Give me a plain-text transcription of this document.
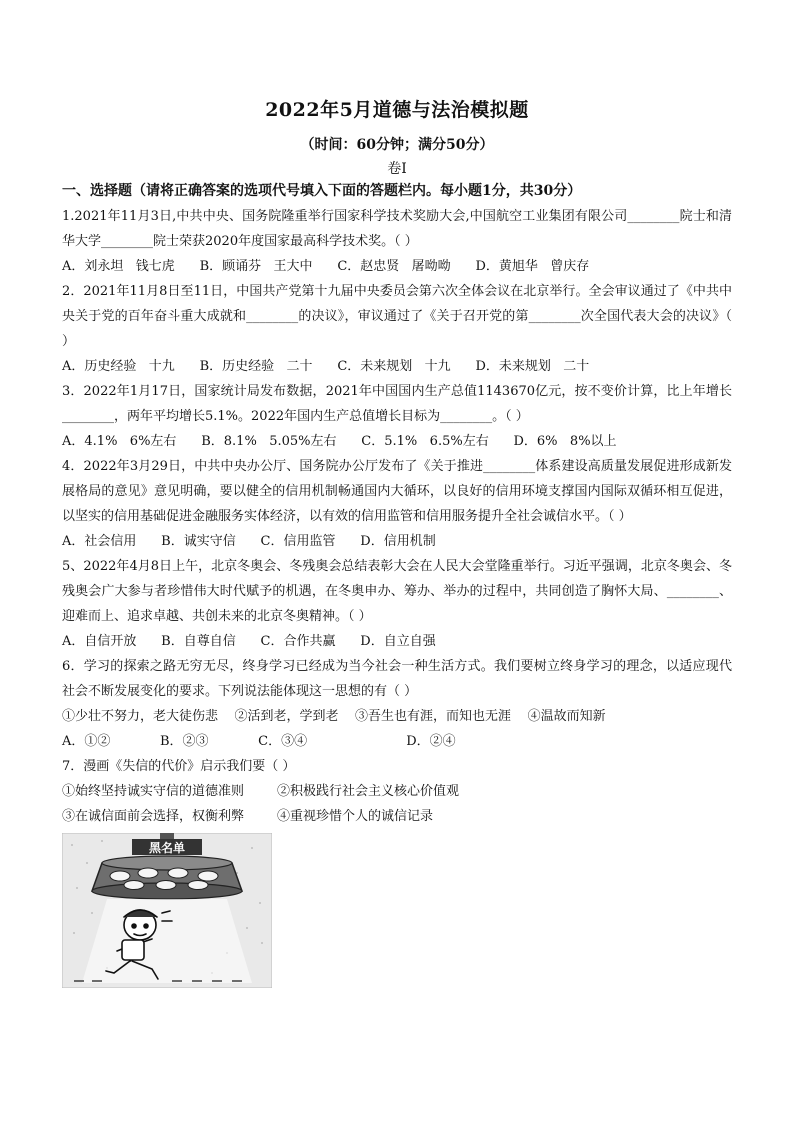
2022年5月道德与法治模拟题
（时间：60分钟；满分50分）
卷Ⅰ
一、选择题（请将正确答案的选项代号填入下面的答题栏内。每小题1分，共30分）

1.2021年11月3日,中共中央、国务院隆重举行国家科学技术奖励大会,中国航空工业集团有限公司________院士和清华大学________院士荣获2020年度国家最高科学技术奖。（ ）

A．刘永坦   钱七虎      B．顾诵芬   王大中      C．赵忠贤   屠呦呦      D．黄旭华   曾庆存

2．2021年11月8日至11日，中国共产党第十九届中央委员会第六次全体会议在北京举行。全会审议通过了《中共中央关于党的百年奋斗重大成就和________的决议》，审议通过了《关于召开党的第________次全国代表大会的决议》（ ）

A．历史经验   十九      B．历史经验   二十      C．未来规划   十九      D．未来规划   二十

3．2022年1月17日，国家统计局发布数据，2021年中国国内生产总值1143670亿元，按不变价计算，比上年增长________，两年平均增长5.1%。2022年国内生产总值增长目标为________。（ ）

A．4.1%   6%左右      B．8.1%   5.05%左右      C．5.1%   6.5%左右      D．6%   8%以上

4．2022年3月29日，中共中央办公厅、国务院办公厅发布了《关于推进________体系建设高质量发展促进形成新发展格局的意见》意见明确，要以健全的信用机制畅通国内大循环，以良好的信用环境支撑国内国际双循环相互促进，以坚实的信用基础促进金融服务实体经济，以有效的信用监管和信用服务提升全社会诚信水平。（ ）

A．社会信用      B．诚实守信      C．信用监管      D．信用机制

5、2022年4月8日上午，北京冬奥会、冬残奥会总结表彰大会在人民大会堂隆重举行。习近平强调，北京冬奥会、冬残奥会广大参与者珍惜伟大时代赋予的机遇，在冬奥申办、筹办、举办的过程中，共同创造了胸怀大局、________、迎难而上、追求卓越、共创未来的北京冬奥精神。（ ）

A．自信开放      B．自尊自信      C．合作共赢      D．自立自强

6．学习的探索之路无穷无尽，终身学习已经成为当今社会一种生活方式。我们要树立终身学习的理念，以适应现代社会不断发展变化的要求。下列说法能体现这一思想的有（ ）

①少壮不努力，老大徒伤悲    ②活到老，学到老    ③吾生也有涯，而知也无涯    ④温故而知新

A．①②            B．②③            C．③④                        D．②④

7．漫画《失信的代价》启示我们要（ ）

①始终坚持诚实守信的道德准则        ②积极践行社会主义核心价值观
③在诚信面前会选择，权衡利弊        ④重视珍惜个人的诚信记录

黑名单
